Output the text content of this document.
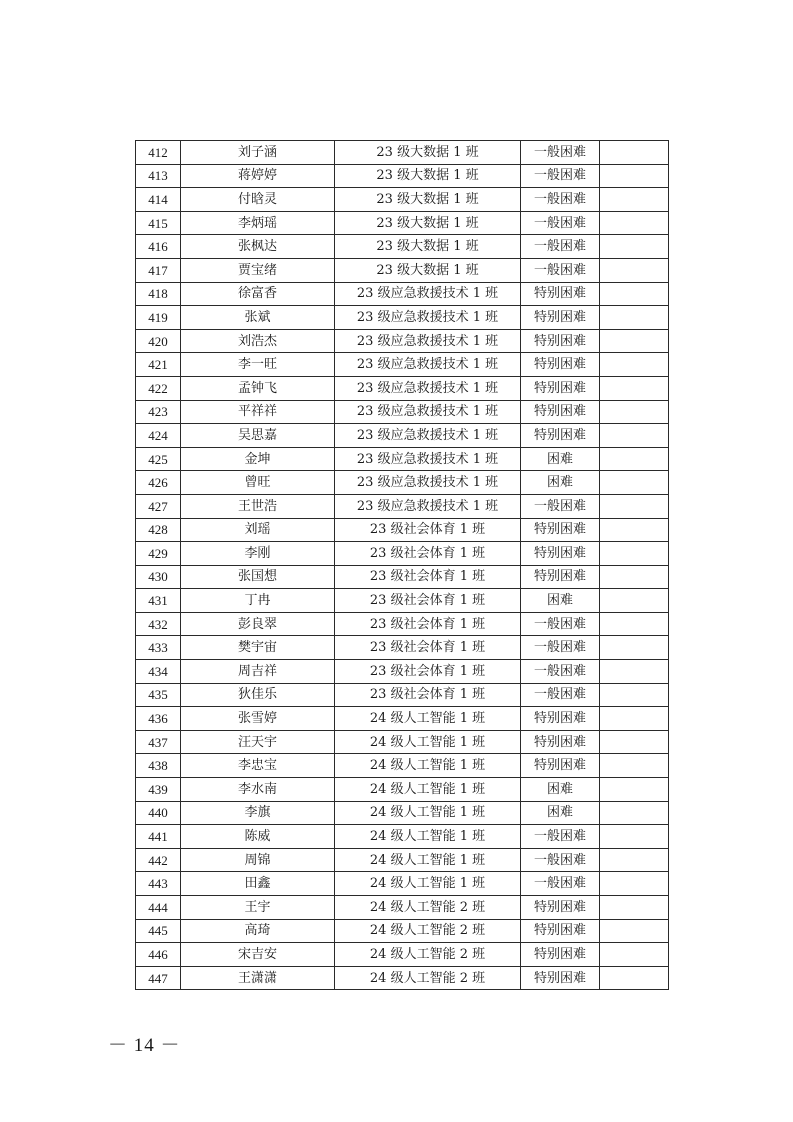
412	刘子涵	23 级大数据 1 班	一般困难	
413	蒋婷婷	23 级大数据 1 班	一般困难	
414	付晗灵	23 级大数据 1 班	一般困难	
415	李炳瑶	23 级大数据 1 班	一般困难	
416	张枫达	23 级大数据 1 班	一般困难	
417	贾宝绪	23 级大数据 1 班	一般困难	
418	徐富香	23 级应急救援技术 1 班	特别困难	
419	张斌	23 级应急救援技术 1 班	特别困难	
420	刘浩杰	23 级应急救援技术 1 班	特别困难	
421	李一旺	23 级应急救援技术 1 班	特别困难	
422	孟钟飞	23 级应急救援技术 1 班	特别困难	
423	平祥祥	23 级应急救援技术 1 班	特别困难	
424	吴思嘉	23 级应急救援技术 1 班	特别困难	
425	金坤	23 级应急救援技术 1 班	困难	
426	曾旺	23 级应急救援技术 1 班	困难	
427	王世浩	23 级应急救援技术 1 班	一般困难	
428	刘瑶	23 级社会体育 1 班	特别困难	
429	李刚	23 级社会体育 1 班	特别困难	
430	张国想	23 级社会体育 1 班	特别困难	
431	丁冉	23 级社会体育 1 班	困难	
432	彭良翠	23 级社会体育 1 班	一般困难	
433	樊宇宙	23 级社会体育 1 班	一般困难	
434	周吉祥	23 级社会体育 1 班	一般困难	
435	狄佳乐	23 级社会体育 1 班	一般困难	
436	张雪婷	24 级人工智能 1 班	特别困难	
437	汪天宇	24 级人工智能 1 班	特别困难	
438	李忠宝	24 级人工智能 1 班	特别困难	
439	李水南	24 级人工智能 1 班	困难	
440	李旗	24 级人工智能 1 班	困难	
441	陈威	24 级人工智能 1 班	一般困难	
442	周锦	24 级人工智能 1 班	一般困难	
443	田鑫	24 级人工智能 1 班	一般困难	
444	王宇	24 级人工智能 2 班	特别困难	
445	高琦	24 级人工智能 2 班	特别困难	
446	宋吉安	24 级人工智能 2 班	特别困难	
447	王潇潇	24 级人工智能 2 班	特别困难	
－ 14 －
